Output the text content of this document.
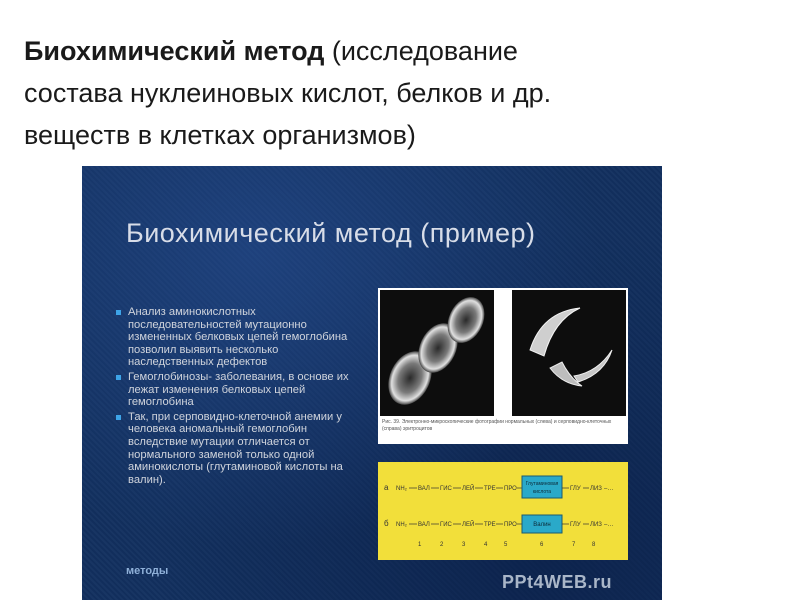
Биохимический метод (исследование
состава нуклеиновых кислот, белков и др.
веществ в клетках организмов)
Биохимический метод (пример)
Анализ аминокислотных последовательностей мутационно измененных белковых цепей гемоглобина позволил выявить несколько наследственных дефектов
Гемоглобинозы- заболевания, в основе их лежат изменения белковых цепей гемоглобина
Так, при серповидно-клеточной анемии у человека аномальный гемоглобин вследствие мутации отличается от нормального заменой только одной аминокислоты (глутаминовой кислоты на валин).
Рис. 39. Электронно-микроскопические фотографии нормальных (слева) и серповидно-клеточных (справа) эритроцитов
а NH₂ ВАЛ ГИС ЛЕЙ ТРЕ ПРО
Глутаминовая
кислота	ГЛУ ЛИЗ –…
б NH₂ ВАЛ ГИС ЛЕЙ ТРЕ ПРО	Валин	ГЛУ ЛИЗ –…
1	2	3	4	5	6	7	8
методы
PPt4WEB.ru
